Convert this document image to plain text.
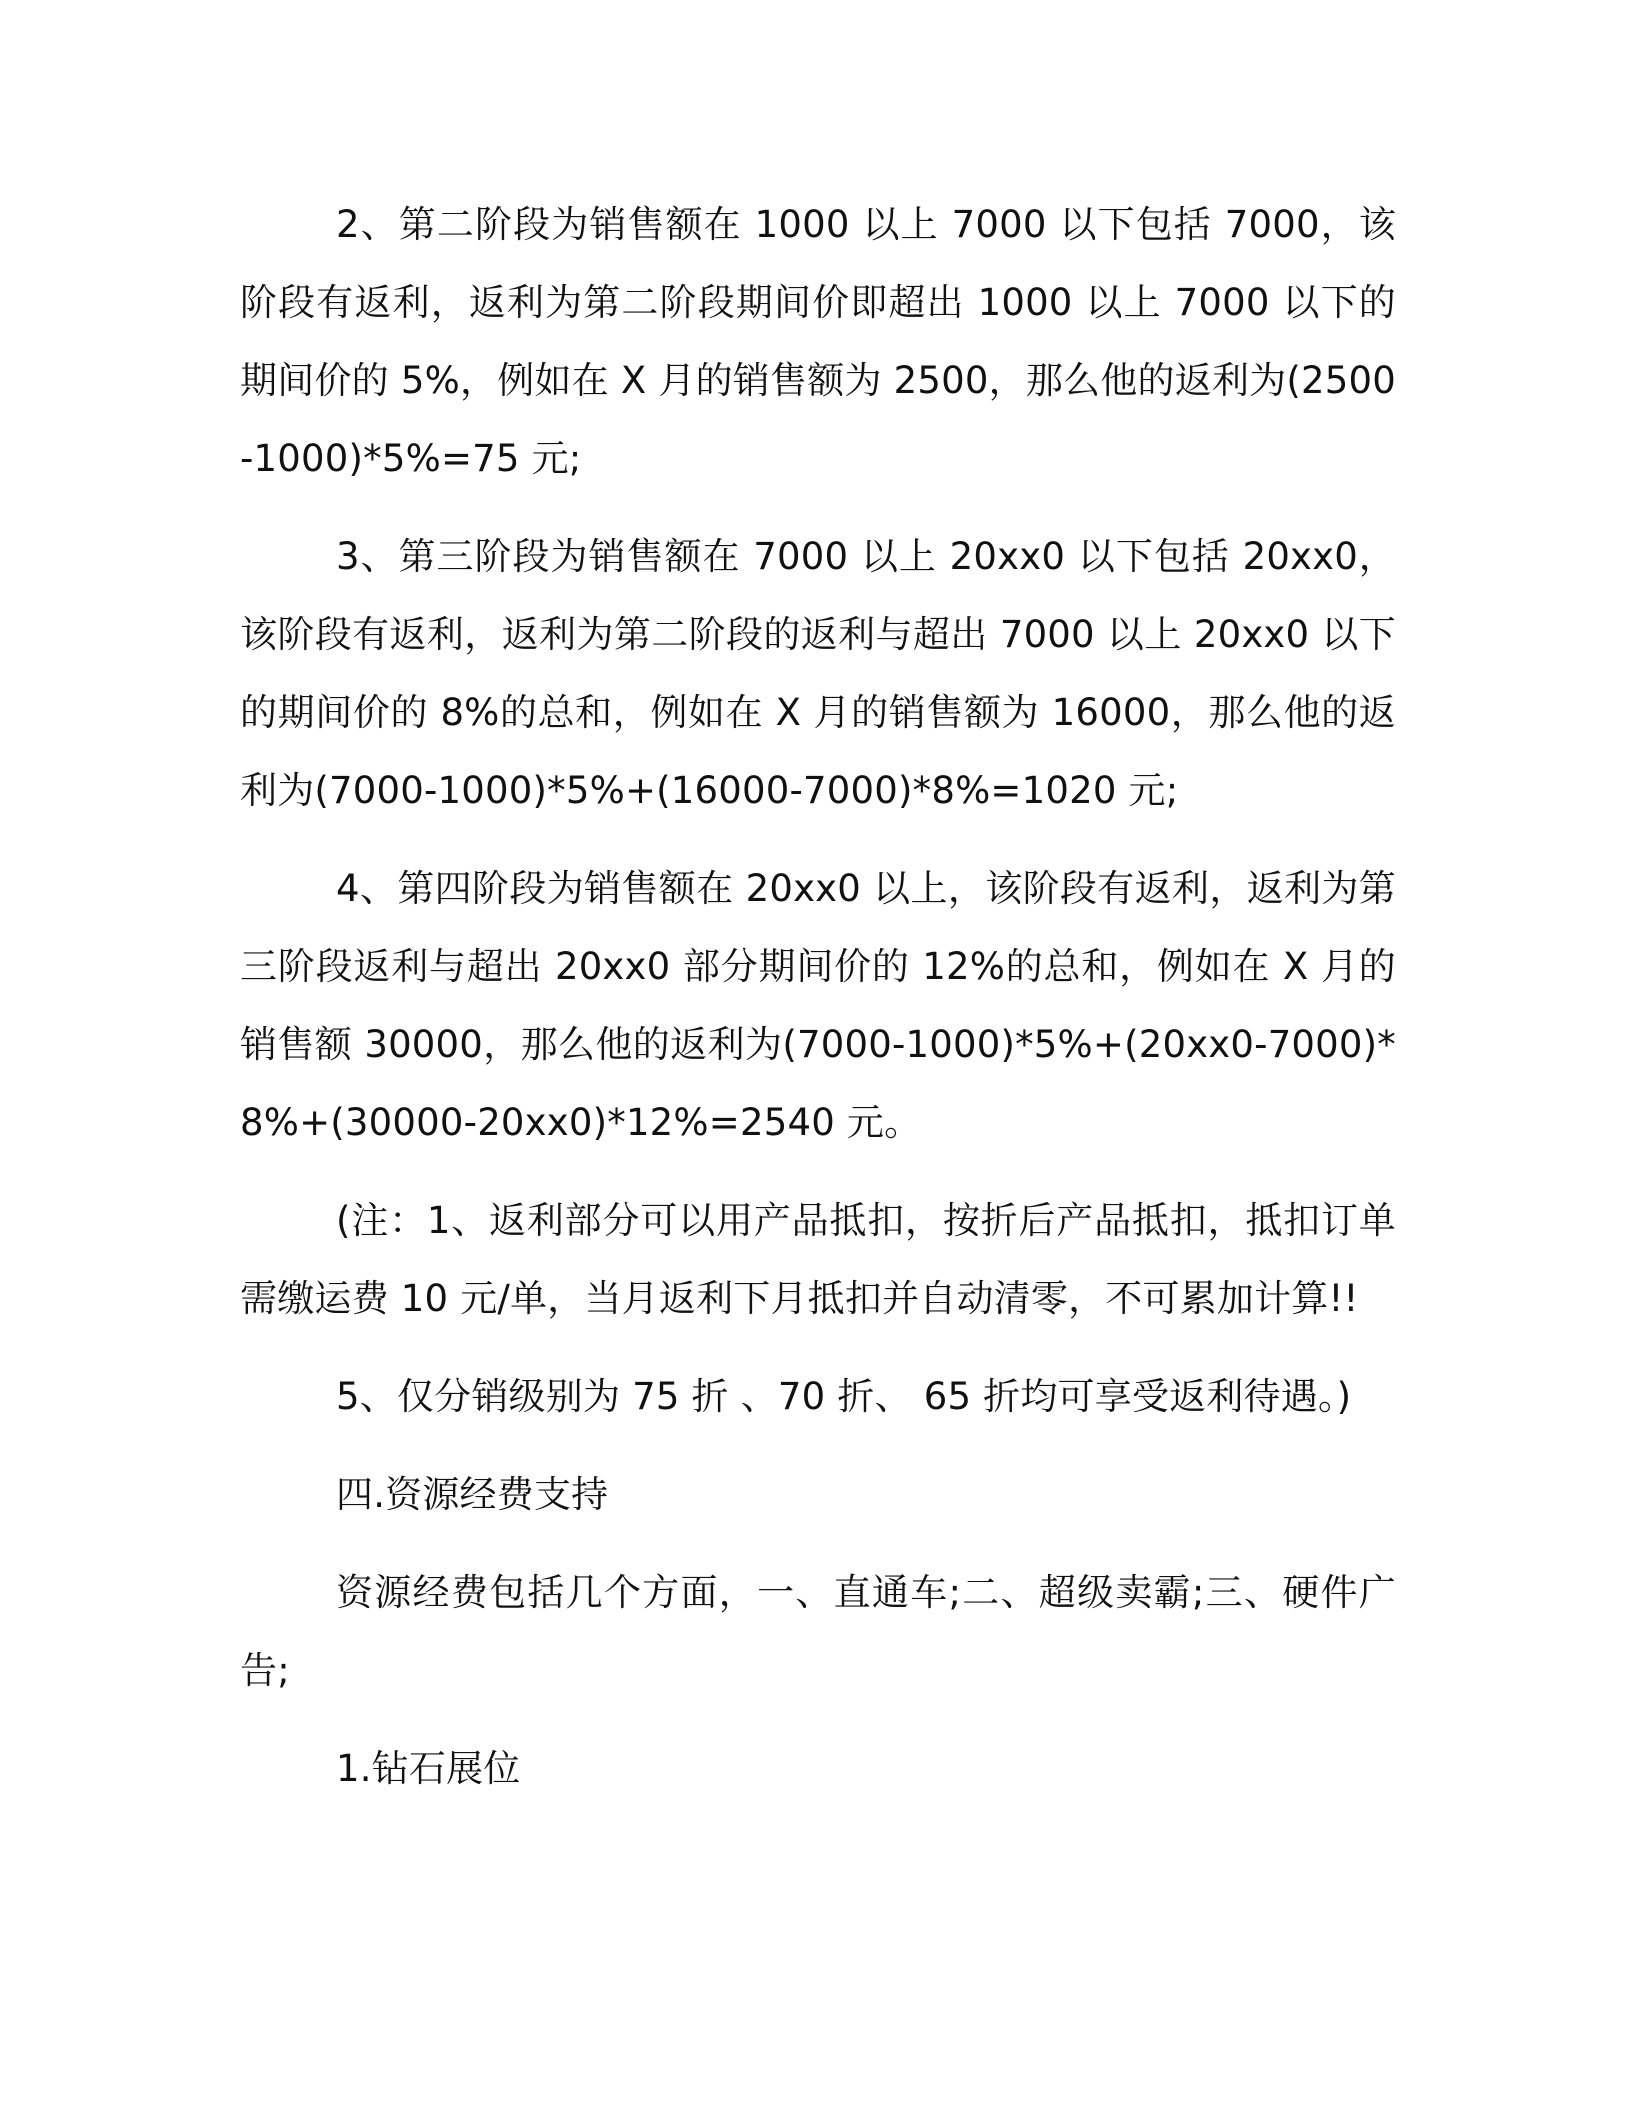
2、第二阶段为销售额在 1000 以上 7000 以下包括 7000，该阶段有返利，返利为第二阶段期间价即超出 1000 以上 7000 以下的期间价的 5%，例如在 X 月的销售额为 2500，那么他的返利为(2500-1000)*5%=75 元;

3、第三阶段为销售额在 7000 以上 20xx0 以下包括 20xx0，该阶段有返利，返利为第二阶段的返利与超出 7000 以上 20xx0 以下的期间价的 8%的总和，例如在 X 月的销售额为 16000，那么他的返利为(7000-1000)*5%+(16000-7000)*8%=1020 元;

4、第四阶段为销售额在 20xx0 以上，该阶段有返利，返利为第三阶段返利与超出 20xx0 部分期间价的 12%的总和，例如在 X 月的销售额 30000，那么他的返利为(7000-1000)*5%+(20xx0-7000)*8%+(30000-20xx0)*12%=2540 元。

(注：1、返利部分可以用产品抵扣，按折后产品抵扣，抵扣订单需缴运费 10 元/单，当月返利下月抵扣并自动清零，不可累加计算!!

5、仅分销级别为 75 折 、70 折、 65 折均可享受返利待遇。)

四.资源经费支持

资源经费包括几个方面，一、直通车;二、超级卖霸;三、硬件广告;

1.钻石展位
